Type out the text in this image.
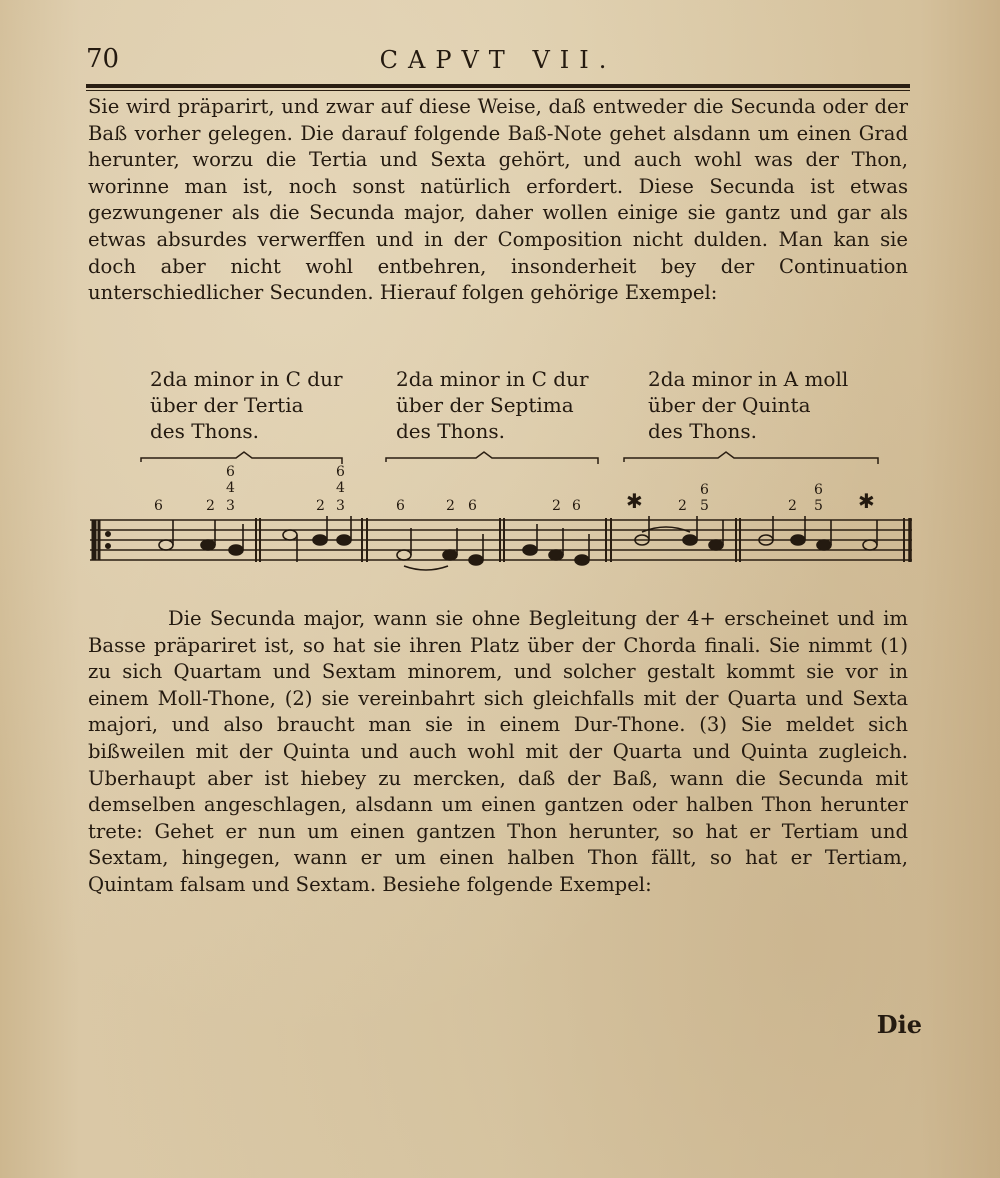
70	CAPVT VII.
Sie wird präparirt, und zwar auf diese Weise, daß entweder die Secunda oder der Baß vorher gelegen. Die darauf folgende Baß-Note gehet alsdann um einen Grad herunter, worzu die Tertia und Sexta gehört, und auch wohl was der Thon, worinne man ist, noch sonst natürlich erfordert. Diese Secunda ist etwas gezwungener als die Secunda major, daher wollen einige sie gantz und gar als etwas absurdes verwerffen und in der Composition nicht dulden. Man kan sie doch aber nicht wohl entbehren, insonderheit bey der Continuation unterschiedlicher Secunden. Hierauf folgen gehörige Exempel:
2da minor in C dur
über der Tertia
des Thons.
2da minor in C dur
über der Septima
des Thons.
2da minor in A moll
über der Quinta
des Thons.
6	2
6
4
3	2
6
4
3	6	2 6	2 6 ✱	2
6
5	2
6
5 ✱
Die Secunda major, wann sie ohne Begleitung der 4+ erscheinet und im Basse präpariret ist, so hat sie ihren Platz über der Chorda finali. Sie nimmt (1) zu sich Quartam und Sextam minorem, und solcher gestalt kommt sie vor in einem Moll-Thone, (2) sie vereinbahrt sich gleichfalls mit der Quarta und Sexta majori, und also braucht man sie in einem Dur-Thone. (3) Sie meldet sich bißweilen mit der Quinta und auch wohl mit der Quarta und Quinta zugleich. Uberhaupt aber ist hiebey zu mercken, daß der Baß, wann die Secunda mit demselben angeschlagen, alsdann um einen gantzen oder halben Thon herunter trete: Gehet er nun um einen gantzen Thon herunter, so hat er Tertiam und Sextam, hingegen, wann er um einen halben Thon fällt, so hat er Tertiam, Quintam falsam und Sextam. Besiehe folgende Exempel:
Die
